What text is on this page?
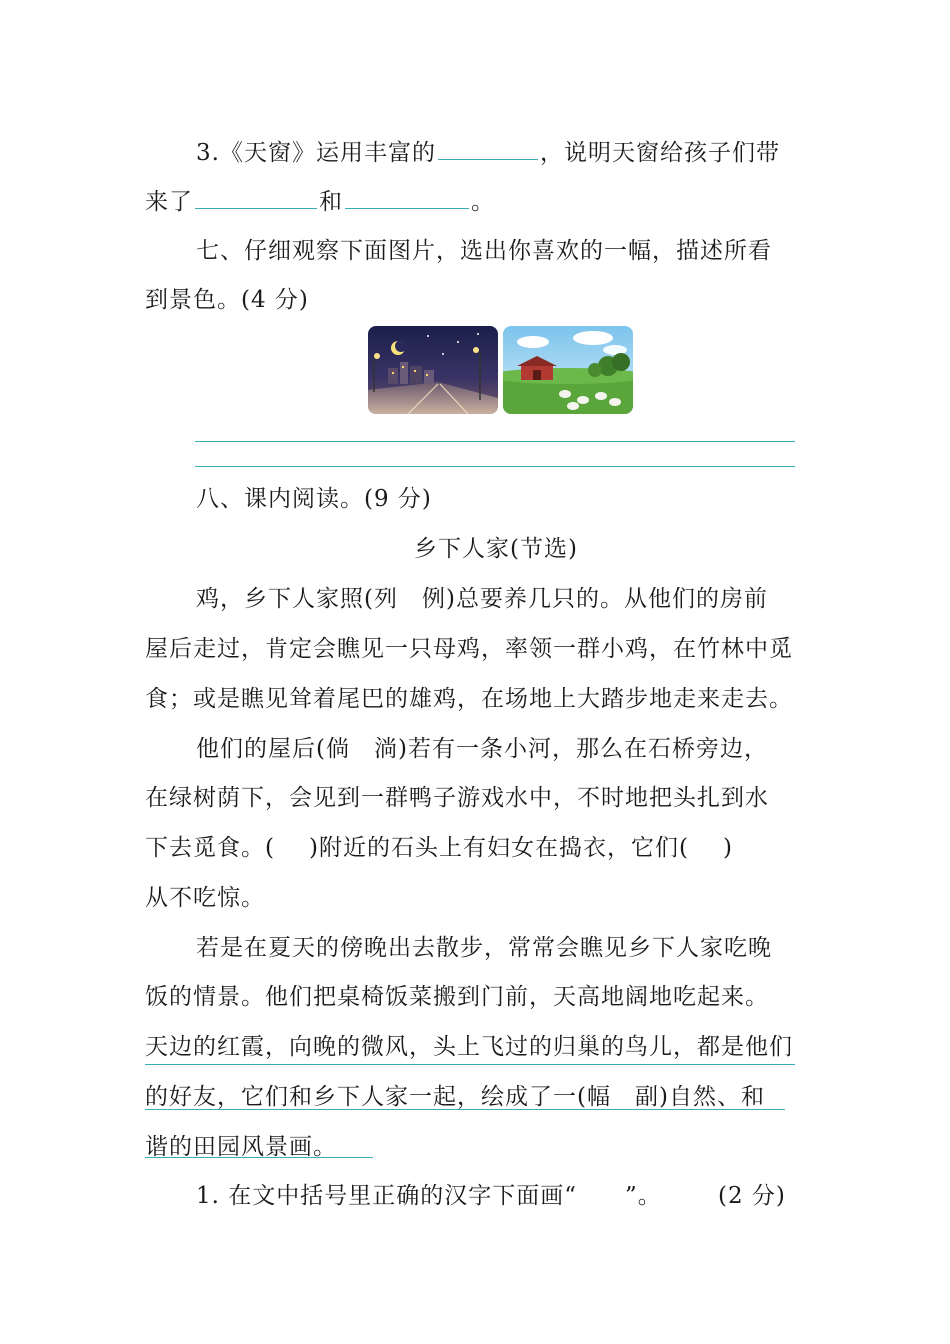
3.《天窗》运用丰富的	，说明天窗给孩子们带
来了	和	。
七、仔细观察下面图片，选出你喜欢的一幅，描述所看
到景色。(4 分)
八、课内阅读。(9 分)
乡下人家(节选)
鸡，乡下人家照(列　例)总要养几只的。从他们的房前
屋后走过，肯定会瞧见一只母鸡，率领一群小鸡，在竹林中觅
食；或是瞧见耸着尾巴的雄鸡，在场地上大踏步地走来走去。
他们的屋后(倘　淌)若有一条小河，那么在石桥旁边，
在绿树荫下，会见到一群鸭子游戏水中，不时地把头扎到水
下去觅食。( )附近的石头上有妇女在捣衣，它们( )
从不吃惊。
若是在夏天的傍晚出去散步，常常会瞧见乡下人家吃晚
饭的情景。他们把桌椅饭菜搬到门前，天高地阔地吃起来。
天边的红霞，向晚的微风，头上飞过的归巢的鸟儿，都是他们
的好友，它们和乡下人家一起，绘成了一(幅　副)自然、和
谐的田园风景画。
1. 在文中括号里正确的汉字下面画“　　”。 (2 分)
